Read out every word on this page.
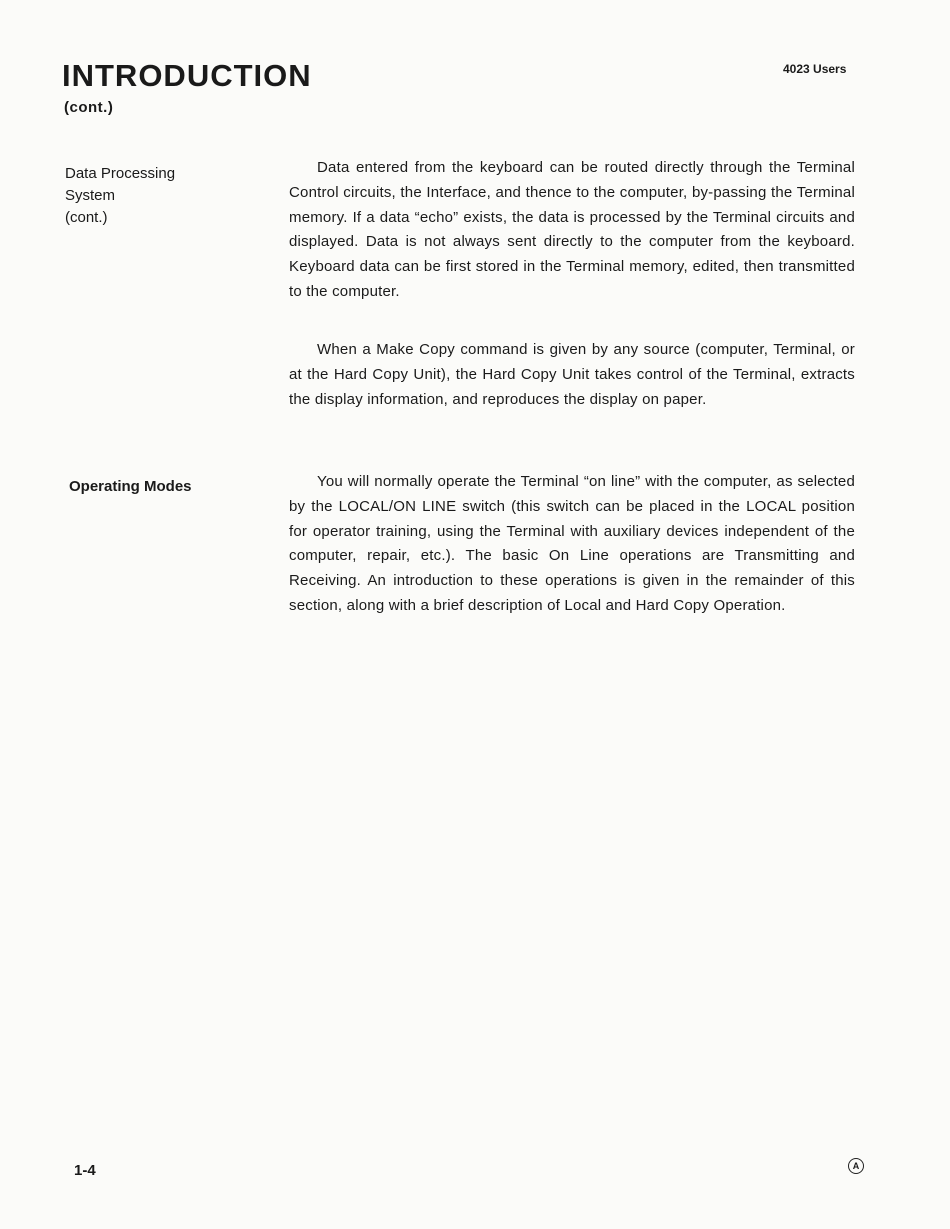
INTRODUCTION
(cont.)
4023 Users
Data Processing
System
(cont.)

Data entered from the keyboard can be routed directly through the Terminal Control circuits, the Interface, and thence to the computer, by-passing the Terminal memory. If a data “echo” exists, the data is processed by the Terminal circuits and displayed. Data is not always sent directly to the computer from the keyboard. Keyboard data can be first stored in the Terminal memory, edited, then transmitted to the computer.

When a Make Copy command is given by any source (computer, Terminal, or at the Hard Copy Unit), the Hard Copy Unit takes control of the Terminal, extracts the display information, and reproduces the display on paper.

Operating Modes	You will normally operate the Terminal “on line” with the computer, as selected by the LOCAL/ON LINE switch (this switch can be placed in the LOCAL position for operator training, using the Terminal with auxiliary devices independent of the computer, repair, etc.). The basic On Line operations are Transmitting and Receiving. An introduction to these operations is given in the remainder of this section, along with a brief description of Local and Hard Copy Operation.

1-4	A
